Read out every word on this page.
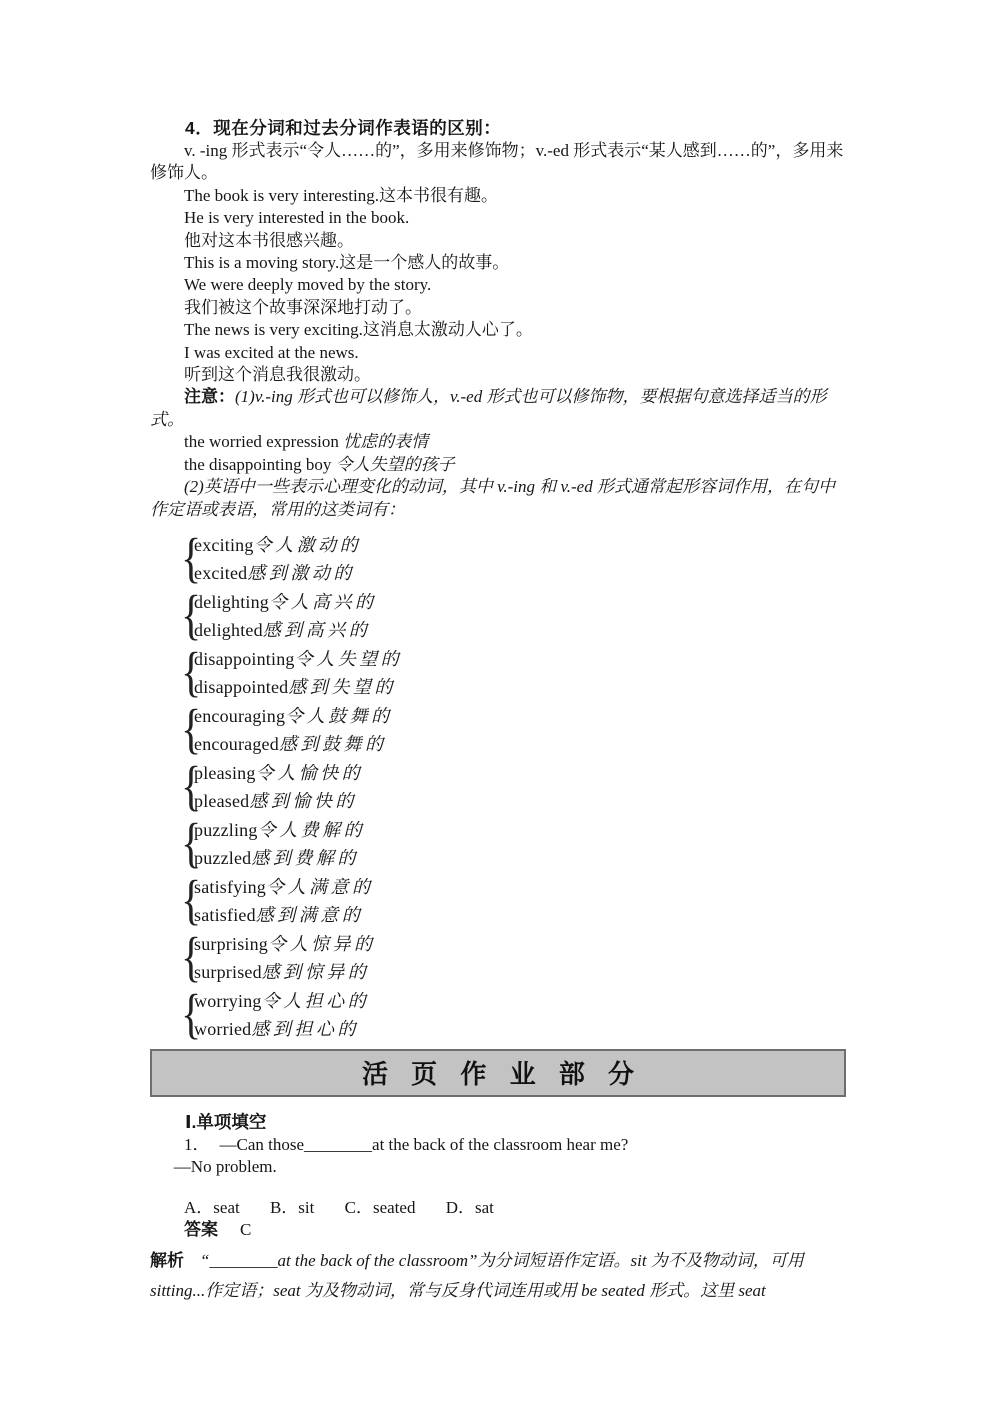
4．现在分词和过去分词作表语的区别：
v. -ing 形式表示“令人……的”，多用来修饰物；v.-ed 形式表示“某人感到……的”，多用来修饰人。
The book is very interesting.这本书很有趣。
He is very interested in the book.
他对这本书很感兴趣。
This is a moving story.这是一个感人的故事。
We were deeply moved by the story.
我们被这个故事深深地打动了。
The news is very exciting.这消息太激动人心了。
I was excited at the news.
听到这个消息我很激动。
注意：(1)v.-ing 形式也可以修饰人，v.-ed 形式也可以修饰物，要根据句意选择适当的形式。
the worried expression 忧虑的表情
the disappointing boy 令人失望的孩子
(2)英语中一些表示心理变化的动词，其中 v.-ing 和 v.-ed 形式通常起形容词作用，在句中作定语或表语，常用的这类词有：
{
exciting令人激动的
excited感到激动的
{
delighting令人高兴的
delighted感到高兴的
{
disappointing令人失望的
disappointed感到失望的
{
encouraging令人鼓舞的
encouraged感到鼓舞的
{
pleasing令人愉快的
pleased感到愉快的
{
puzzling令人费解的
puzzled感到费解的
{
satisfying令人满意的
satisfied感到满意的
{
surprising令人惊异的
surprised感到惊异的
{
worrying令人担心的
worried感到担心的
活 页 作 业 部 分
Ⅰ.单项填空
1． —Can those________at the back of the classroom hear me?
—No problem.
A．seat B．sit C．seated D．sat
答案 C
解析 “________at the back of the classroom”为分词短语作定语。sit 为不及物动词，可用 sitting...作定语；seat 为及物动词，常与反身代词连用或用 be seated 形式。这里 seat
